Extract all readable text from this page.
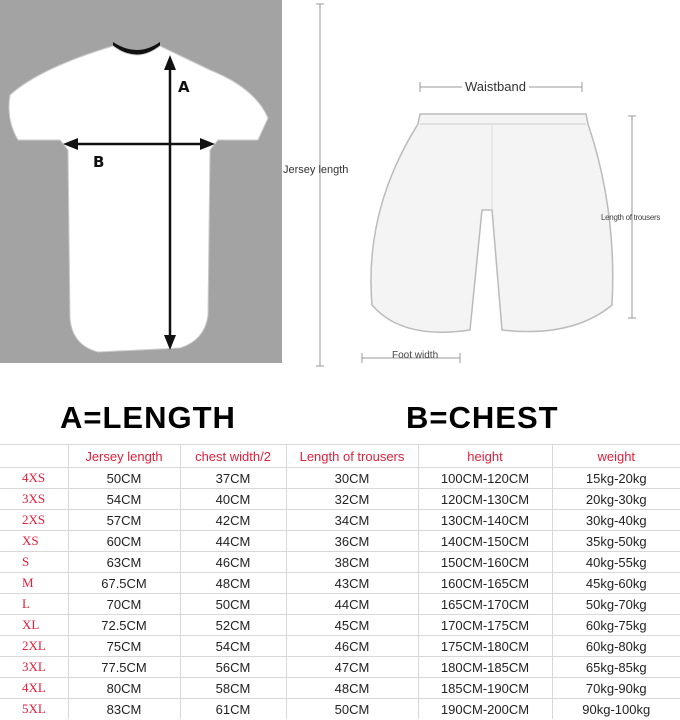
A
B	Jersey length
Waistband
Length of trousers
Foot width
A=LENGTH	B=CHEST
	Jersey length	chest width/2	Length of trousers	height	weight
4XS	50CM	37CM	30CM	100CM-120CM	15kg-20kg
3XS	54CM	40CM	32CM	120CM-130CM	20kg-30kg
2XS	57CM	42CM	34CM	130CM-140CM	30kg-40kg
XS	60CM	44CM	36CM	140CM-150CM	35kg-50kg
S	63CM	46CM	38CM	150CM-160CM	40kg-55kg
M	67.5CM	48CM	43CM	160CM-165CM	45kg-60kg
L	70CM	50CM	44CM	165CM-170CM	50kg-70kg
XL	72.5CM	52CM	45CM	170CM-175CM	60kg-75kg
2XL	75CM	54CM	46CM	175CM-180CM	60kg-80kg
3XL	77.5CM	56CM	47CM	180CM-185CM	65kg-85kg
4XL	80CM	58CM	48CM	185CM-190CM	70kg-90kg
5XL	83CM	61CM	50CM	190CM-200CM	90kg-100kg
